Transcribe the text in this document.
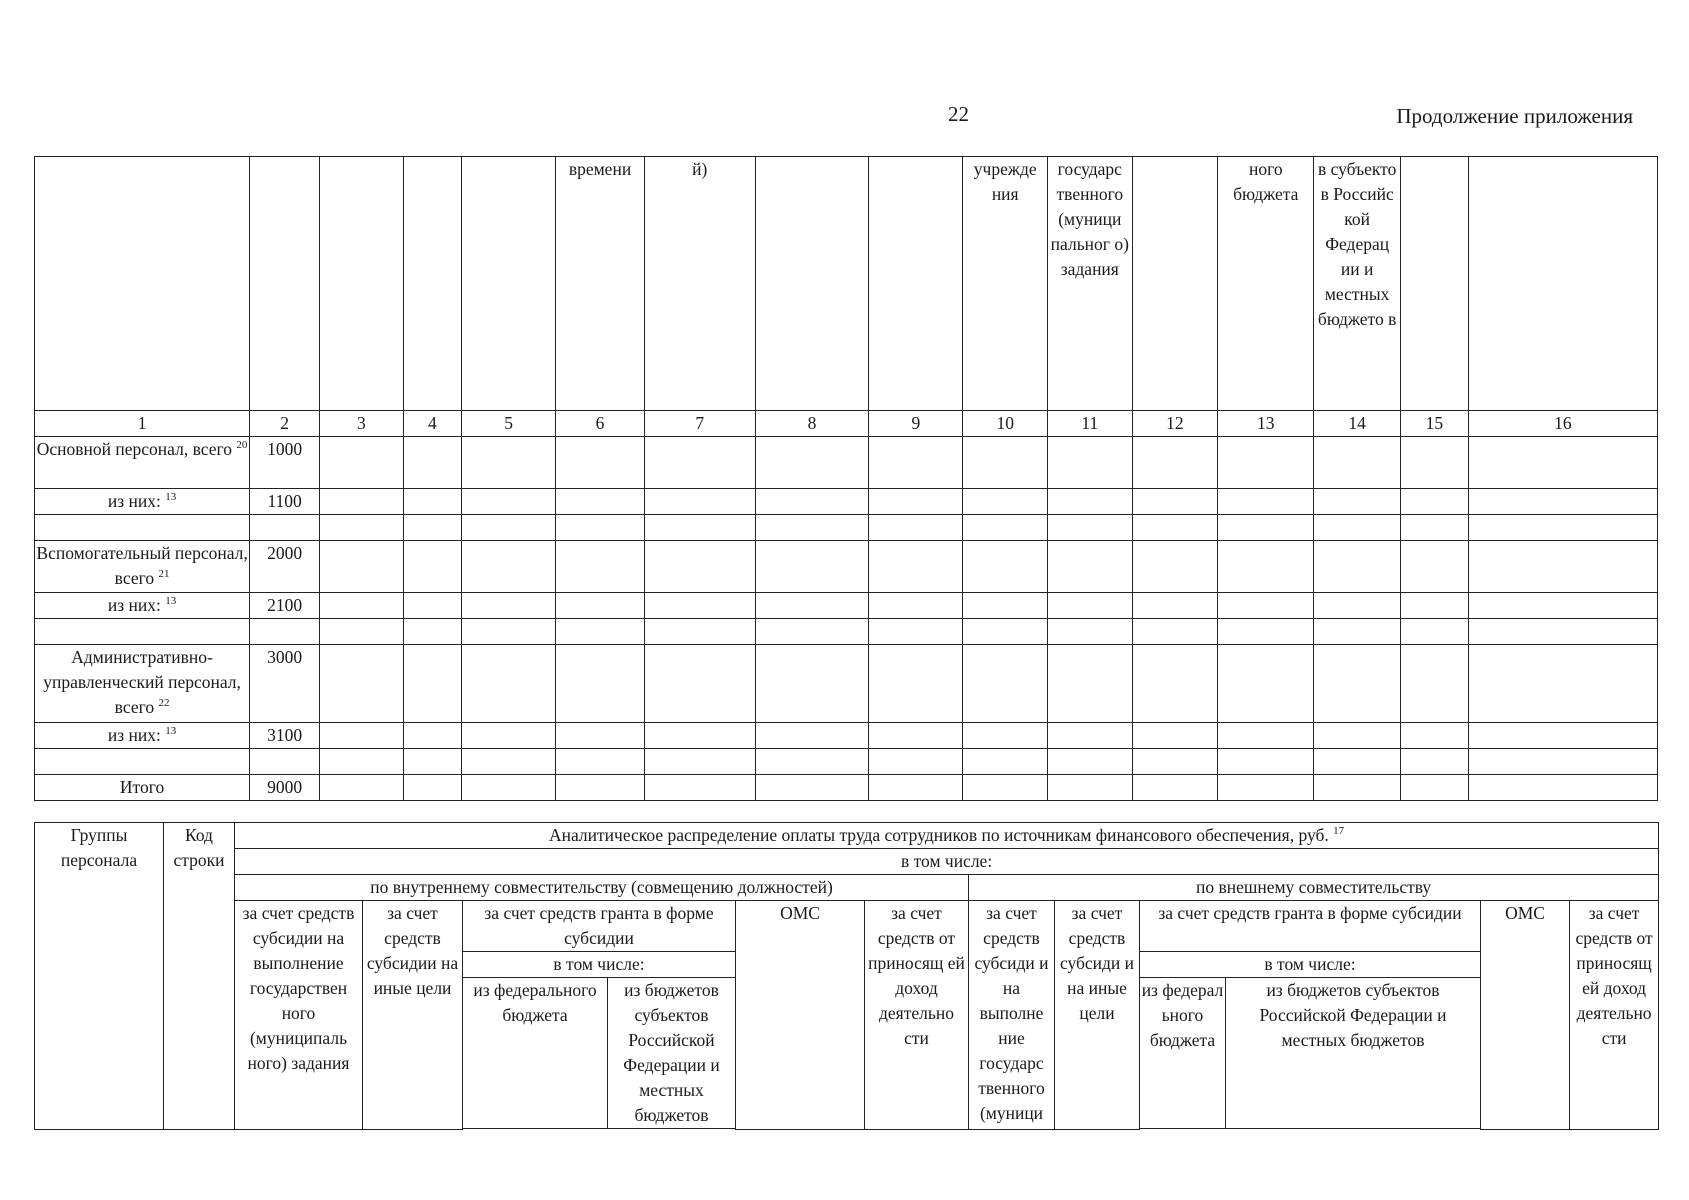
22	Продолжение приложения
					времени	й)			учрежде ния	государс твенного (муници пальног о) задания		ного бюджета	в субъекто в Российс кой Федерац ии и местных бюджето в		
1	2	3	4	5	6	7	8	9	10	11	12	13	14	15	16
Основной персонал, всего $^{20}$	1000														
из них: $^{13}$	1100														

Вспомогательный персонал, всего $^{21}$	2000														
из них: $^{13}$	2100														

Административно-управленческий персонал, всего $^{22}$	3000														
из них: $^{13}$	3100														

Итого	9000														
Группы персонала	Код строки	Аналитическое распределение оплаты труда сотрудников по источникам финансового обеспечения, руб. $^{17}$
		в том числе:											
		по внутреннему совместительству (совмещению должностей)						по внешнему совместительству					
		за счет средств субсидии на выполнение государствен ного (муниципаль ного) задания	за счет средств субсидии на иные цели	за счет средств гранта в форме субсидии		ОМС	за счет средств от приносящ ей доход деятельно сти	за счет средств субсиди и на выполне ние государс твенного (муници	за счет средств субсиди и на иные цели	за счет средств гранта в форме субсидии		ОМС	за счет средств от приносящ ей доход деятельно сти
				в том числе:						в том числе:			
				из федерального бюджета	из бюджетов субъектов Российской Федерации и местных бюджетов					из федерал ьного бюджета	из бюджетов субъектов Российской Федерации и местных бюджетов		
